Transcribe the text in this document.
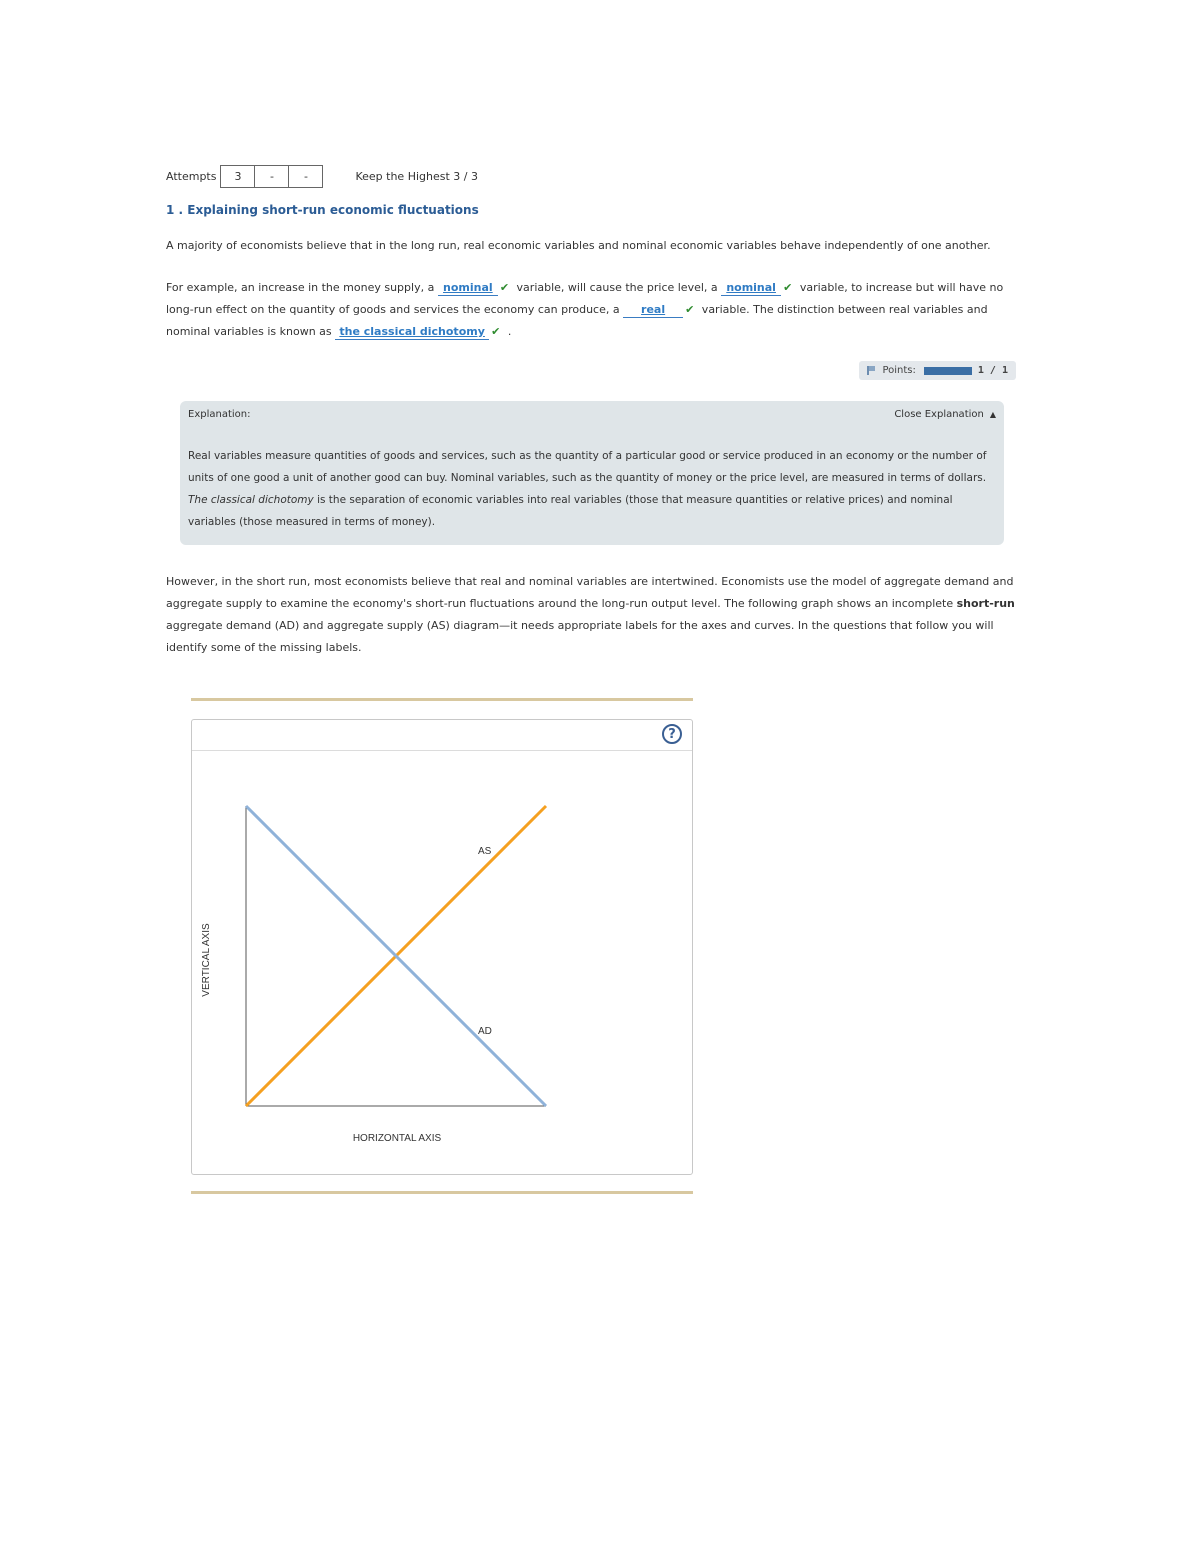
Attempts	3	-	-	Keep the Highest 3 / 3
1 . Explaining short-run economic fluctuations

A majority of economists believe that in the long run, real economic variables and nominal economic variables behave independently of one another.

For example, an increase in the money supply, a nominal ✔ variable, will cause the price level, a nominal ✔ variable, to increase but will have no long-run effect on the quantity of goods and services the economy can produce, a real ✔ variable. The distinction between real variables and nominal variables is known as the classical dichotomy ✔ .

Points:	1 / 1
Explanation:	Close Explanation ▲
Real variables measure quantities of goods and services, such as the quantity of a particular good or service produced in an economy or the number of units of one good a unit of another good can buy. Nominal variables, such as the quantity of money or the price level, are measured in terms of dollars. The classical dichotomy is the separation of economic variables into real variables (those that measure quantities or relative prices) and nominal variables (those measured in terms of money).

However, in the short run, most economists believe that real and nominal variables are intertwined. Economists use the model of aggregate demand and aggregate supply to examine the economy's short-run fluctuations around the long-run output level. The following graph shows an incomplete short-run aggregate demand (AD) and aggregate supply (AS) diagram—it needs appropriate labels for the axes and curves. In the questions that follow you will identify some of the missing labels.

?
AS
AD
HORIZONTAL AXIS
VERTICAL AXIS
